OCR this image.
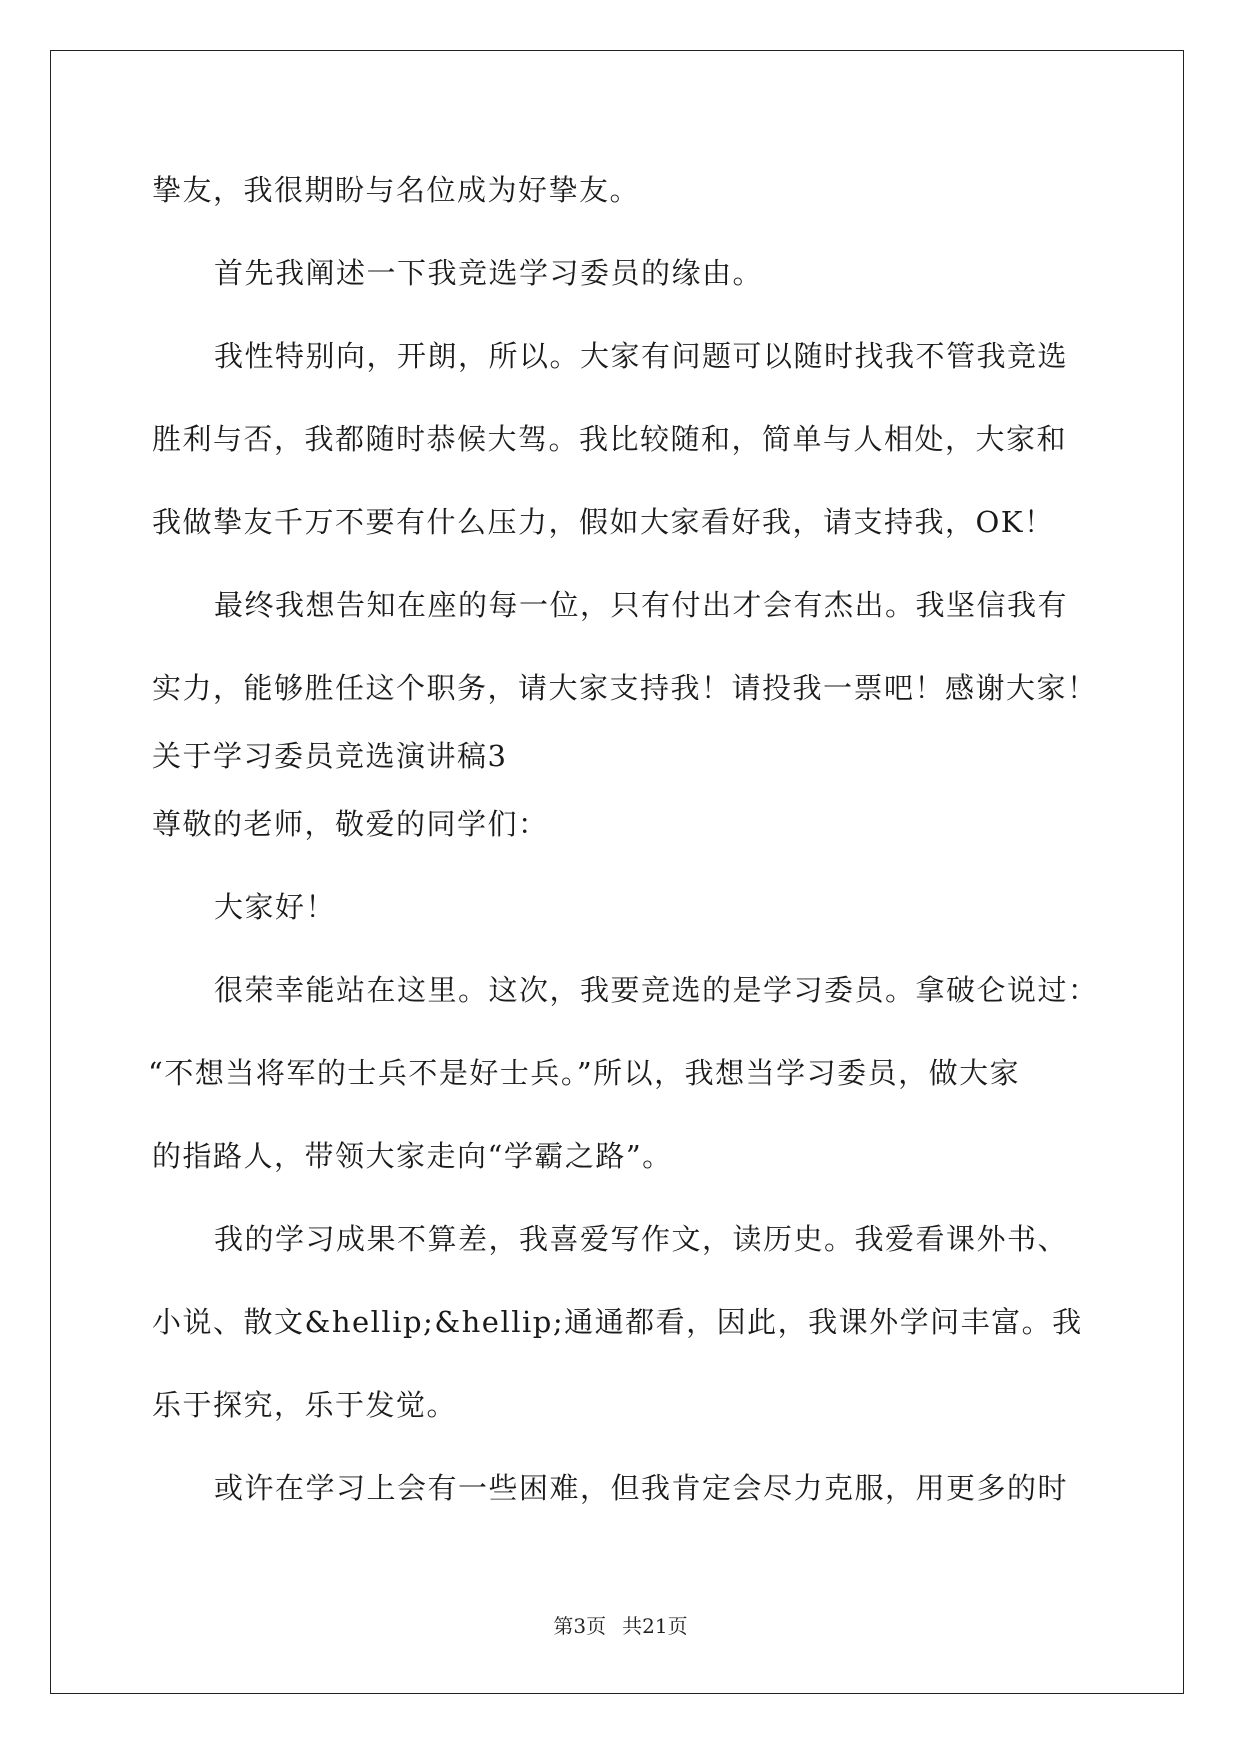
挚友，我很期盼与名位成为好挚友。
首先我阐述一下我竞选学习委员的缘由。
我性特别向，开朗，所以。大家有问题可以随时找我不管我竞选
胜利与否，我都随时恭候大驾。我比较随和，简单与人相处，大家和
我做挚友千万不要有什么压力，假如大家看好我，请支持我，OK！
最终我想告知在座的每一位，只有付出才会有杰出。我坚信我有
实力，能够胜任这个职务，请大家支持我！请投我一票吧！感谢大家！
关于学习委员竞选演讲稿3
尊敬的老师，敬爱的同学们：
大家好！
很荣幸能站在这里。这次，我要竞选的是学习委员。拿破仑说过：
“不想当将军的士兵不是好士兵。”所以，我想当学习委员，做大家
的指路人，带领大家走向“学霸之路”。
我的学习成果不算差，我喜爱写作文，读历史。我爱看课外书、
小说、散文&hellip;&hellip;通通都看，因此，我课外学问丰富。我
乐于探究，乐于发觉。
或许在学习上会有一些困难，但我肯定会尽力克服，用更多的时
第3页 共21页
